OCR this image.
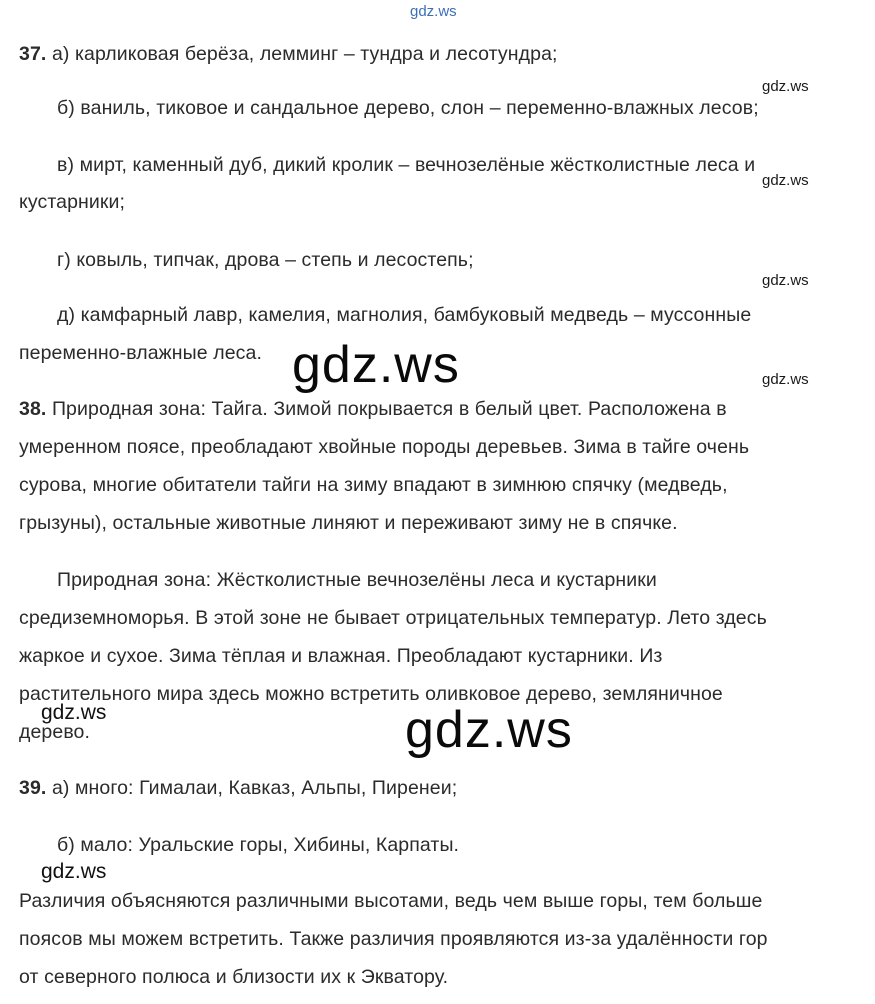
gdz.ws
37. а) карликовая берёза, лемминг – тундра и лесотундра;
gdz.ws
б) ваниль, тиковое и сандальное дерево, слон – переменно-влажных лесов;
в) мирт, каменный дуб, дикий кролик – вечнозелёные жёстколистные леса и
gdz.ws
кустарники;
г) ковыль, типчак, дрова – степь и лесостепь;
gdz.ws
д) камфарный лавр, камелия, магнолия, бамбуковый медведь – муссонные
переменно-влажные леса. gdz.ws	gdz.ws
38. Природная зона: Тайга. Зимой покрывается в белый цвет. Расположена в
умеренном поясе, преобладают хвойные породы деревьев. Зима в тайге очень
сурова, многие обитатели тайги на зиму впадают в зимнюю спячку (медведь,
грызуны), остальные животные линяют и переживают зиму не в спячке.
Природная зона: Жёстколистные вечнозелёны леса и кустарники
средиземноморья. В этой зоне не бывает отрицательных температур. Лето здесь
жаркое и сухое. Зима тёплая и влажная. Преобладают кустарники. Из
растительного мира здесь можно встретить оливковое дерево, земляничное
gdz.ws
дерево.	gdz.ws
39. а) много: Гималаи, Кавказ, Альпы, Пиренеи;
б) мало: Уральские горы, Хибины, Карпаты.
gdz.ws
Различия объясняются различными высотами, ведь чем выше горы, тем больше
поясов мы можем встретить. Также различия проявляются из-за удалённости гор
от северного полюса и близости их к Экватору.
